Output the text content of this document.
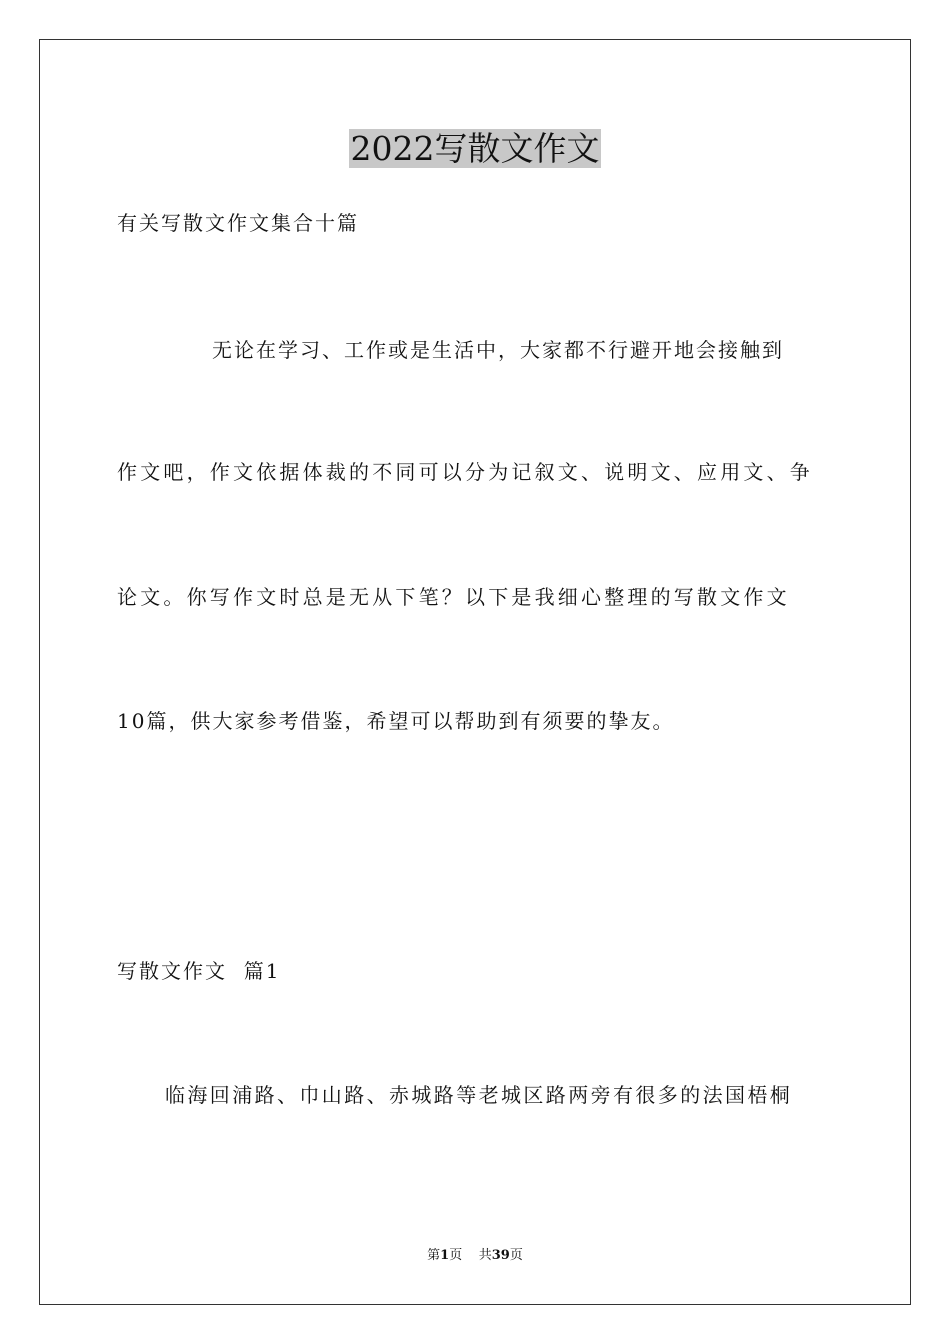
2022写散文作文
有关写散文作文集合十篇
无论在学习、工作或是生活中，大家都不行避开地会接触到
作文吧，作文依据体裁的不同可以分为记叙文、说明文、应用文、争
论文。你写作文时总是无从下笔？以下是我细心整理的写散文作文
10篇，供大家参考借鉴，希望可以帮助到有须要的挚友。
写散文作文  篇1
临海回浦路、巾山路、赤城路等老城区路两旁有很多的法国梧桐
第1页 共39页
